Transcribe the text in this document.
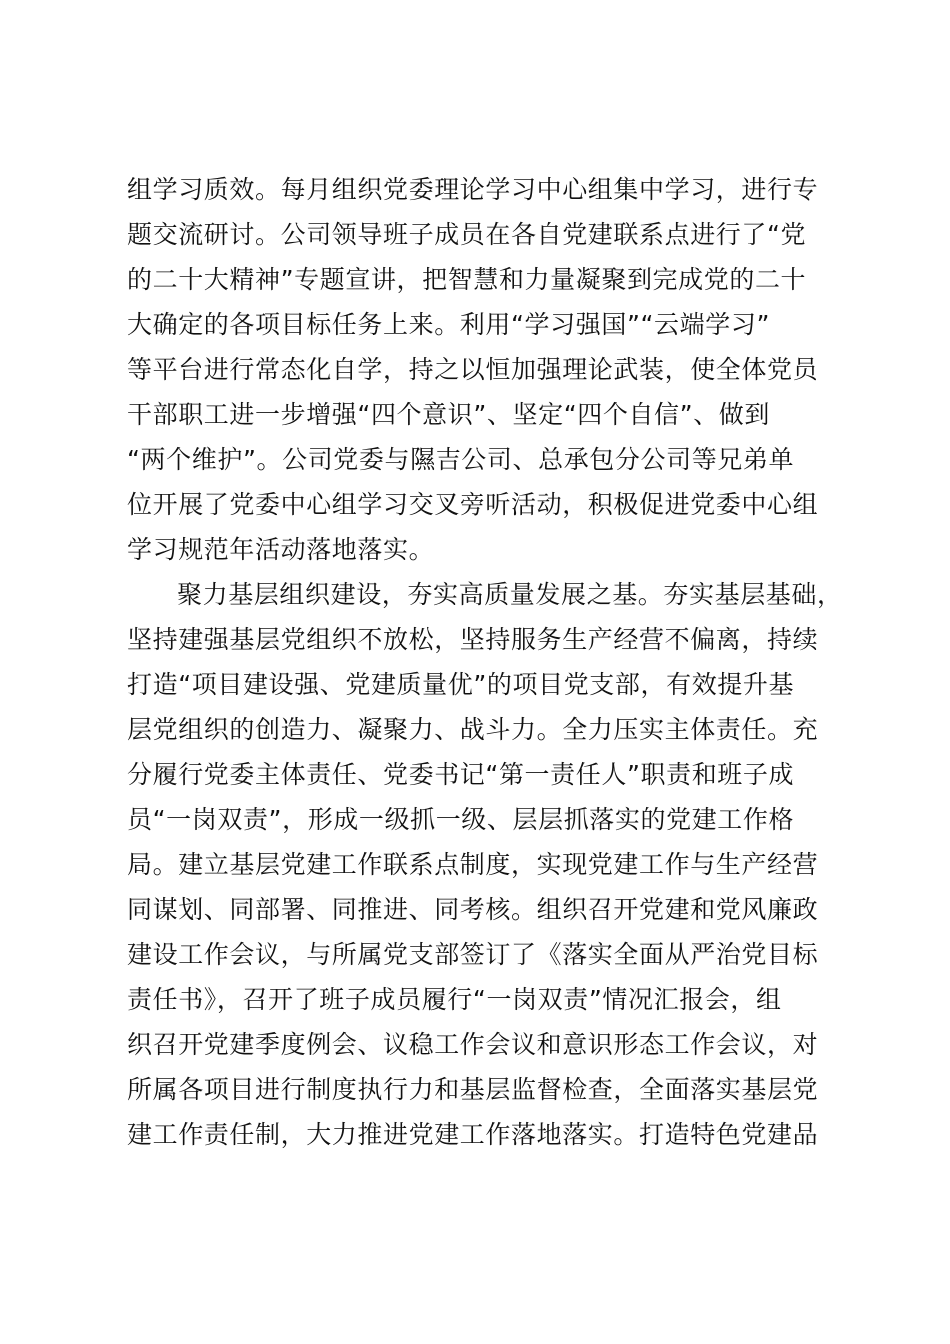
组学习质效。每月组织党委理论学习中心组集中学习，进行专
题交流研讨。公司领导班子成员在各自党建联系点进行了“党
的二十大精神”专题宣讲，把智慧和力量凝聚到完成党的二十
大确定的各项目标任务上来。利用“学习强国”“云端学习”
等平台进行常态化自学，持之以恒加强理论武装，使全体党员
干部职工进一步增强“四个意识”、坚定“四个自信”、做到
“两个维护”。公司党委与隰吉公司、总承包分公司等兄弟单
位开展了党委中心组学习交叉旁听活动，积极促进党委中心组
学习规范年活动落地落实。
聚力基层组织建设，夯实高质量发展之基。夯实基层基础，
坚持建强基层党组织不放松，坚持服务生产经营不偏离，持续
打造“项目建设强、党建质量优”的项目党支部，有效提升基
层党组织的创造力、凝聚力、战斗力。全力压实主体责任。充
分履行党委主体责任、党委书记“第一责任人”职责和班子成
员“一岗双责”，形成一级抓一级、层层抓落实的党建工作格
局。建立基层党建工作联系点制度，实现党建工作与生产经营
同谋划、同部署、同推进、同考核。组织召开党建和党风廉政
建设工作会议，与所属党支部签订了《落实全面从严治党目标
责任书》，召开了班子成员履行“一岗双责”情况汇报会，组
织召开党建季度例会、议稳工作会议和意识形态工作会议，对
所属各项目进行制度执行力和基层监督检查，全面落实基层党
建工作责任制，大力推进党建工作落地落实。打造特色党建品
